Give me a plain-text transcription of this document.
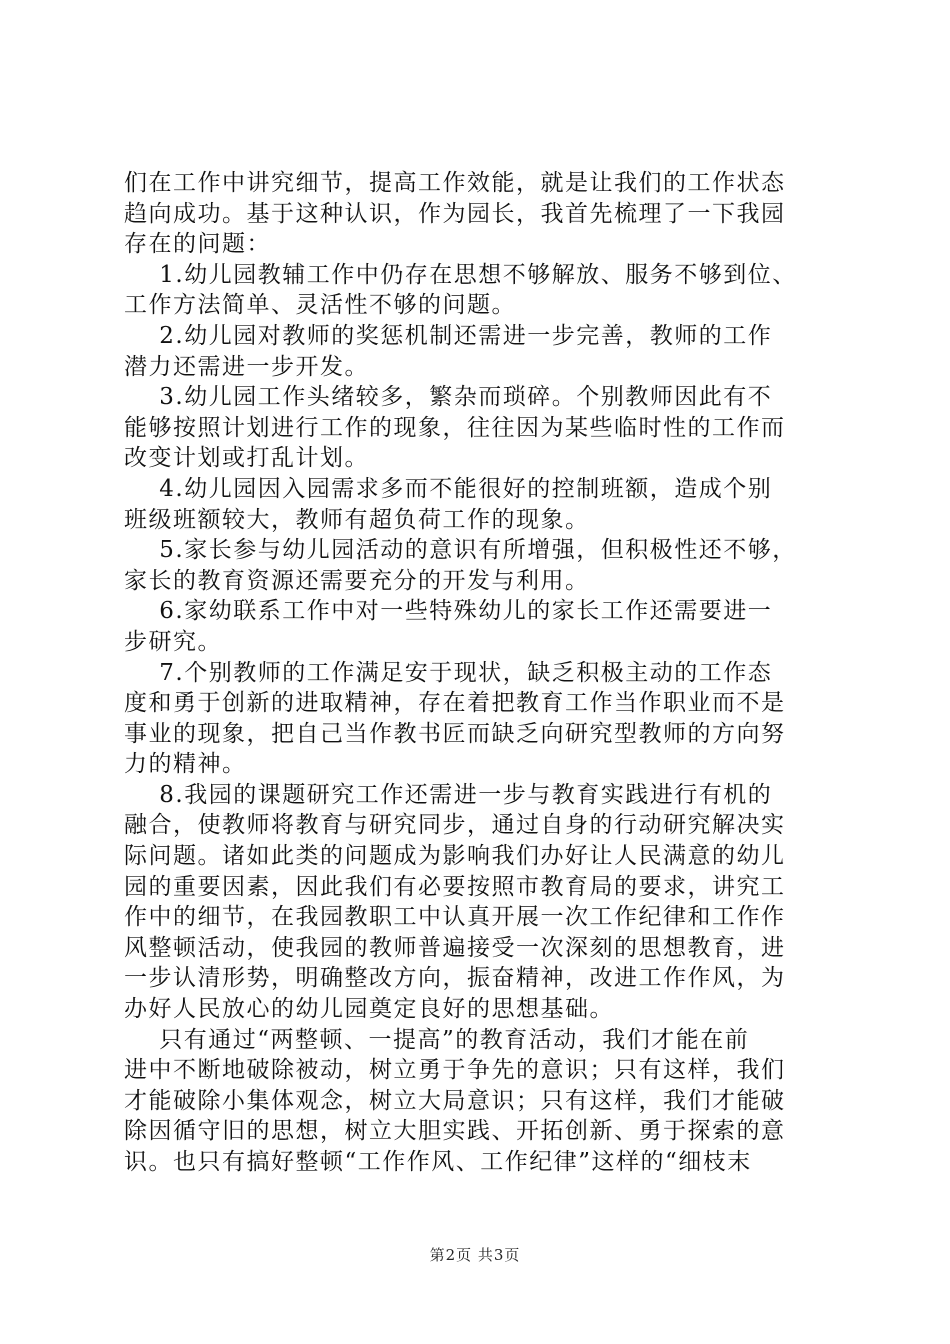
们在工作中讲究细节，提高工作效能，就是让我们的工作状态
趋向成功。基于这种认识，作为园长，我首先梳理了一下我园
存在的问题：
1.幼儿园教辅工作中仍存在思想不够解放、服务不够到位、
工作方法简单、灵活性不够的问题。
2.幼儿园对教师的奖惩机制还需进一步完善，教师的工作
潜力还需进一步开发。
3.幼儿园工作头绪较多，繁杂而琐碎。个别教师因此有不
能够按照计划进行工作的现象，往往因为某些临时性的工作而
改变计划或打乱计划。
4.幼儿园因入园需求多而不能很好的控制班额，造成个别
班级班额较大，教师有超负荷工作的现象。
5.家长参与幼儿园活动的意识有所增强，但积极性还不够，
家长的教育资源还需要充分的开发与利用。
6.家幼联系工作中对一些特殊幼儿的家长工作还需要进一
步研究。
7.个别教师的工作满足安于现状，缺乏积极主动的工作态
度和勇于创新的进取精神，存在着把教育工作当作职业而不是
事业的现象，把自己当作教书匠而缺乏向研究型教师的方向努
力的精神。
8.我园的课题研究工作还需进一步与教育实践进行有机的
融合，使教师将教育与研究同步，通过自身的行动研究解决实
际问题。诸如此类的问题成为影响我们办好让人民满意的幼儿
园的重要因素，因此我们有必要按照市教育局的要求，讲究工
作中的细节，在我园教职工中认真开展一次工作纪律和工作作
风整顿活动，使我园的教师普遍接受一次深刻的思想教育，进
一步认清形势，明确整改方向，振奋精神，改进工作作风，为
办好人民放心的幼儿园奠定良好的思想基础。
只有通过“两整顿、一提高”的教育活动，我们才能在前
进中不断地破除被动，树立勇于争先的意识；只有这样，我们
才能破除小集体观念，树立大局意识；只有这样，我们才能破
除因循守旧的思想，树立大胆实践、开拓创新、勇于探索的意
识。也只有搞好整顿“工作作风、工作纪律”这样的“细枝末
第2页 共3页
